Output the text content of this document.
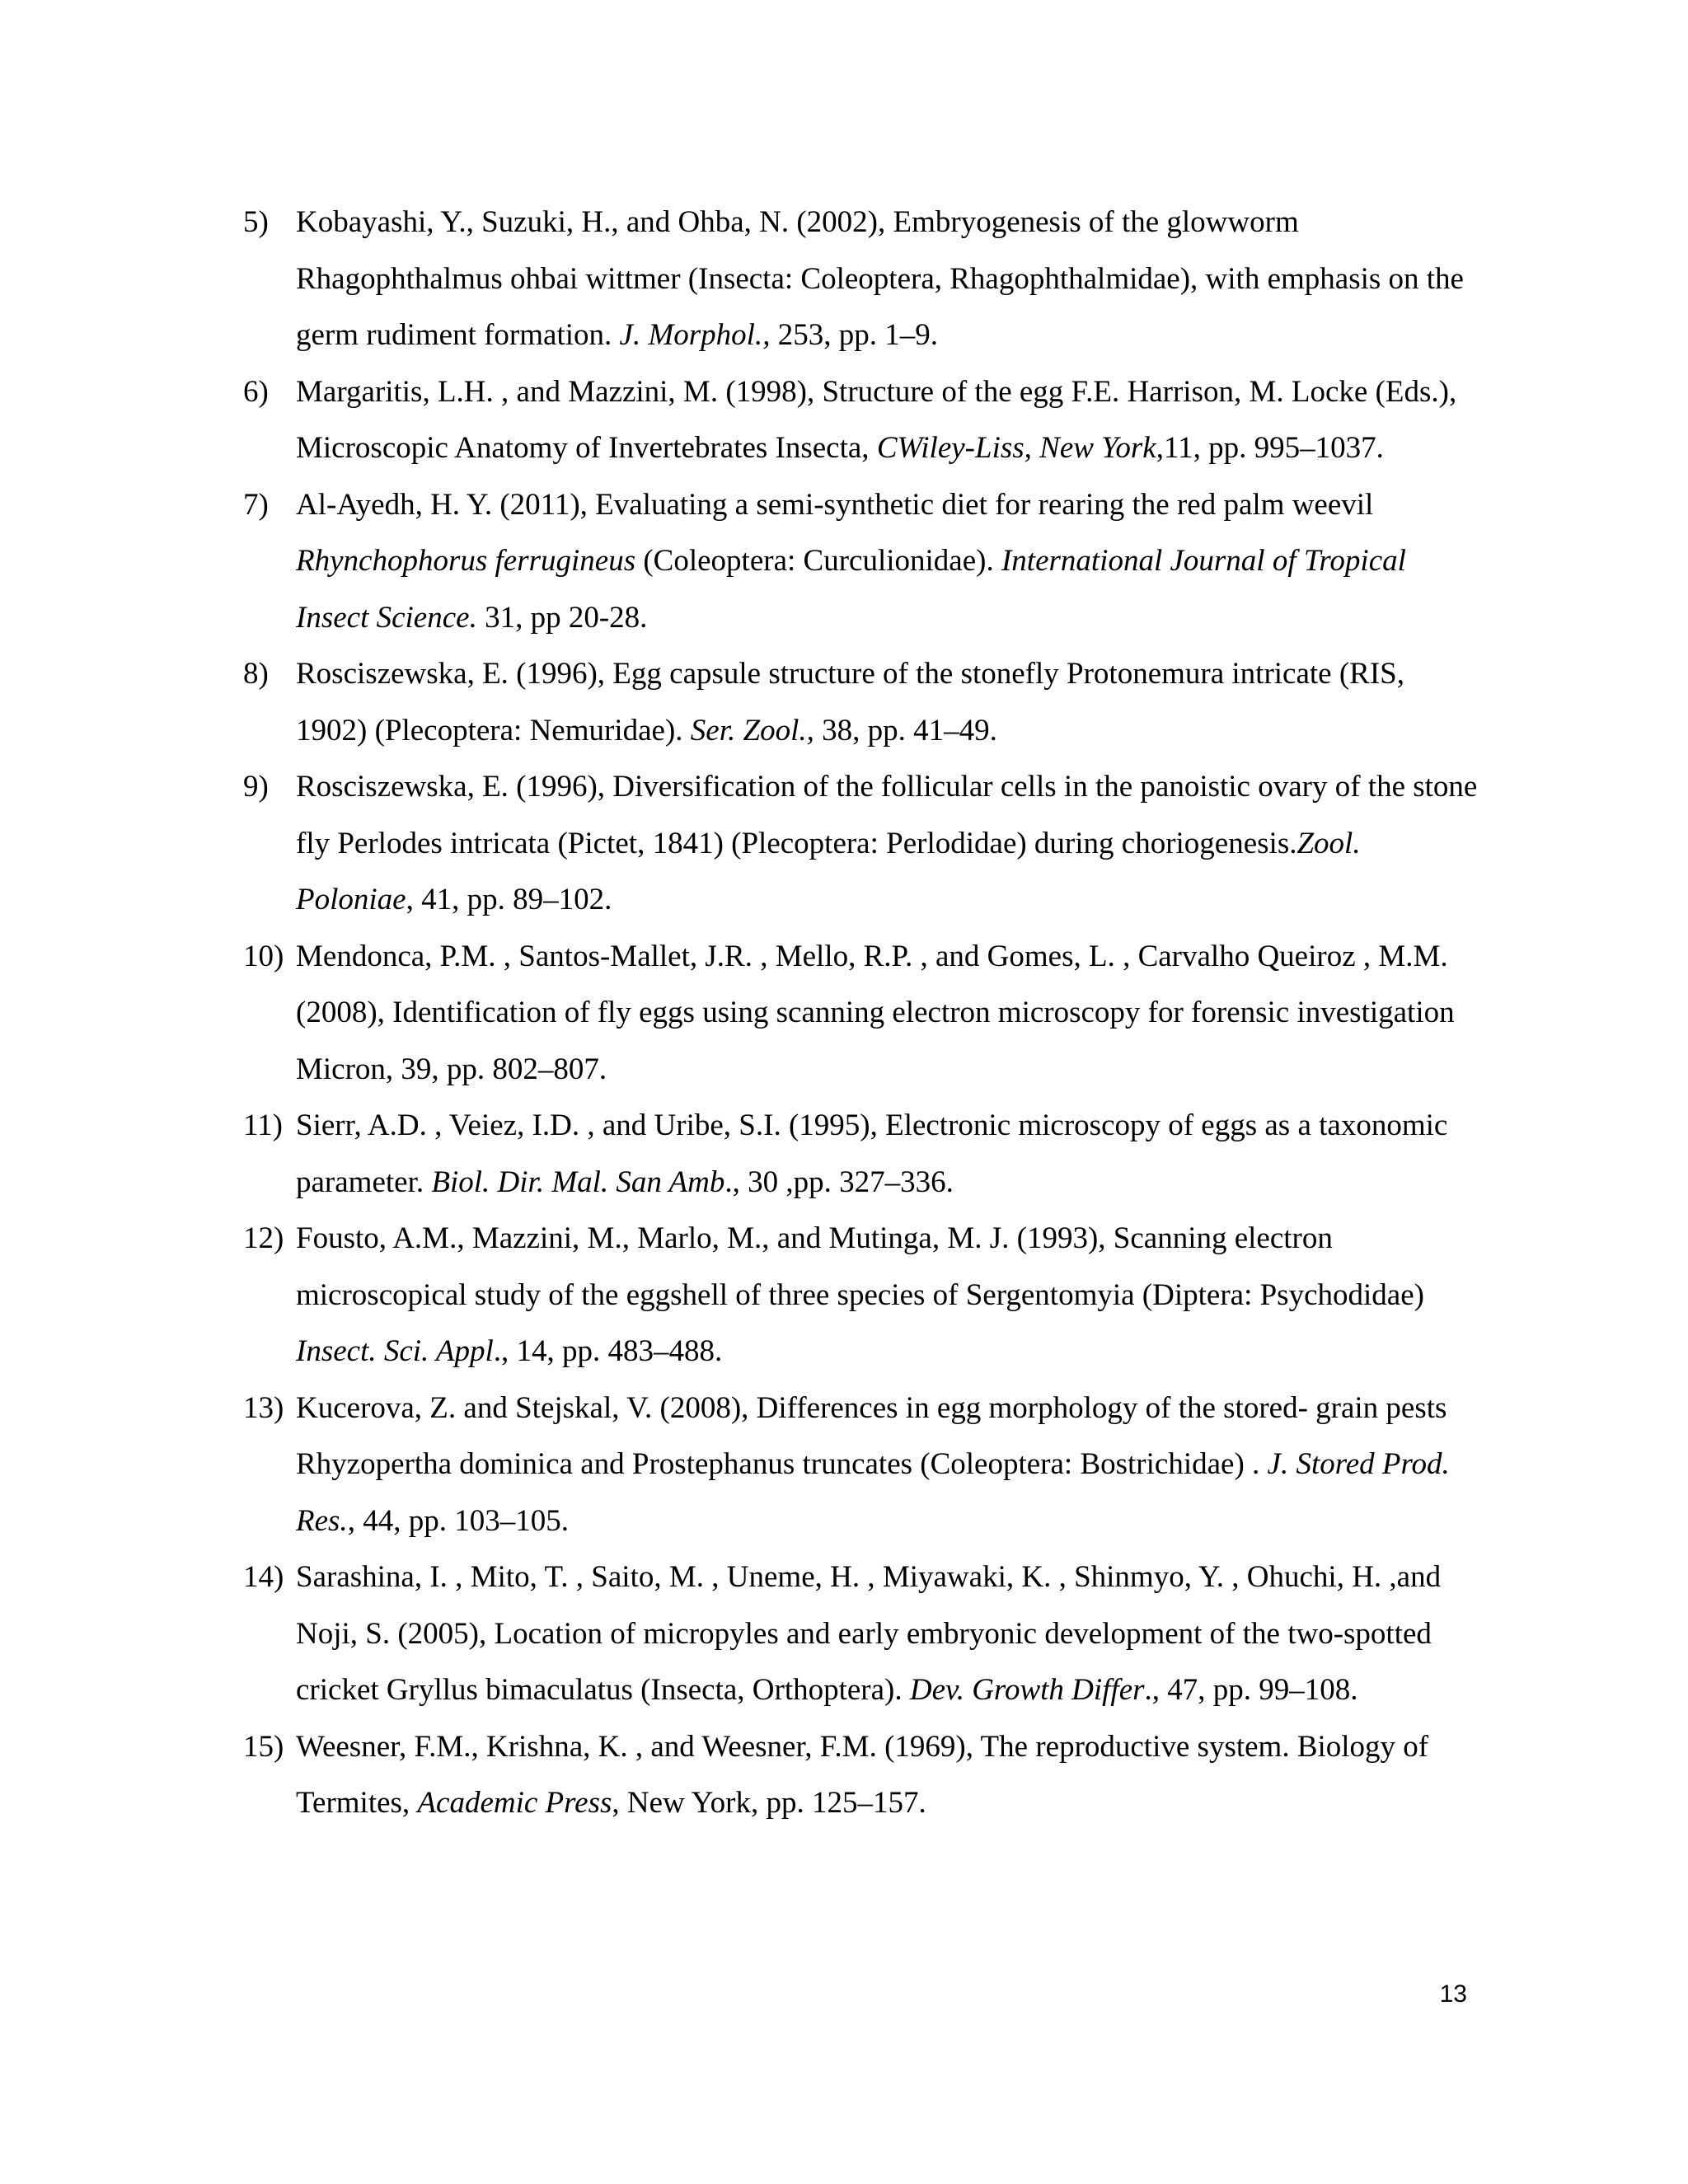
5) Kobayashi, Y., Suzuki, H., and Ohba, N. (2002), Embryogenesis of the glowworm Rhagophthalmus ohbai wittmer (Insecta: Coleoptera, Rhagophthalmidae), with emphasis on the germ rudiment formation. J. Morphol., 253, pp. 1–9.
6) Margaritis, L.H. , and Mazzini, M. (1998), Structure of the egg F.E. Harrison, M. Locke (Eds.), Microscopic Anatomy of Invertebrates Insecta, CWiley-Liss, New York,11, pp. 995–1037.
7) Al-Ayedh, H. Y. (2011), Evaluating a semi-synthetic diet for rearing the red palm weevil Rhynchophorus ferrugineus (Coleoptera: Curculionidae). International Journal of Tropical Insect Science. 31, pp 20-28.
8) Rosciszewska, E. (1996), Egg capsule structure of the stonefly Protonemura intricate (RIS, 1902) (Plecoptera: Nemuridae). Ser. Zool., 38, pp. 41–49.
9) Rosciszewska, E. (1996), Diversification of the follicular cells in the panoistic ovary of the stone fly Perlodes intricata (Pictet, 1841) (Plecoptera: Perlodidae) during choriogenesis.Zool. Poloniae, 41, pp. 89–102.
10) Mendonca, P.M. , Santos-Mallet, J.R. , Mello, R.P. , and Gomes, L. , Carvalho Queiroz , M.M. (2008), Identification of fly eggs using scanning electron microscopy for forensic investigation Micron, 39, pp. 802–807.
11) Sierr, A.D. , Veiez, I.D. , and Uribe, S.I. (1995), Electronic microscopy of eggs as a taxonomic parameter. Biol. Dir. Mal. San Amb., 30 ,pp. 327–336.
12) Fousto, A.M., Mazzini, M., Marlo, M., and Mutinga, M. J. (1993), Scanning electron microscopical study of the eggshell of three species of Sergentomyia (Diptera: Psychodidae) Insect. Sci. Appl., 14, pp. 483–488.
13) Kucerova, Z. and Stejskal, V. (2008), Differences in egg morphology of the stored- grain pests Rhyzopertha dominica and Prostephanus truncates (Coleoptera: Bostrichidae) . J. Stored Prod. Res., 44, pp. 103–105.
14) Sarashina, I. , Mito, T. , Saito, M. , Uneme, H. , Miyawaki, K. , Shinmyo, Y. , Ohuchi, H. ,and Noji, S. (2005), Location of micropyles and early embryonic development of the two-spotted cricket Gryllus bimaculatus (Insecta, Orthoptera). Dev. Growth Differ., 47, pp. 99–108.
15) Weesner, F.M., Krishna, K. , and Weesner, F.M. (1969), The reproductive system. Biology of Termites, Academic Press, New York, pp. 125–157.
13
